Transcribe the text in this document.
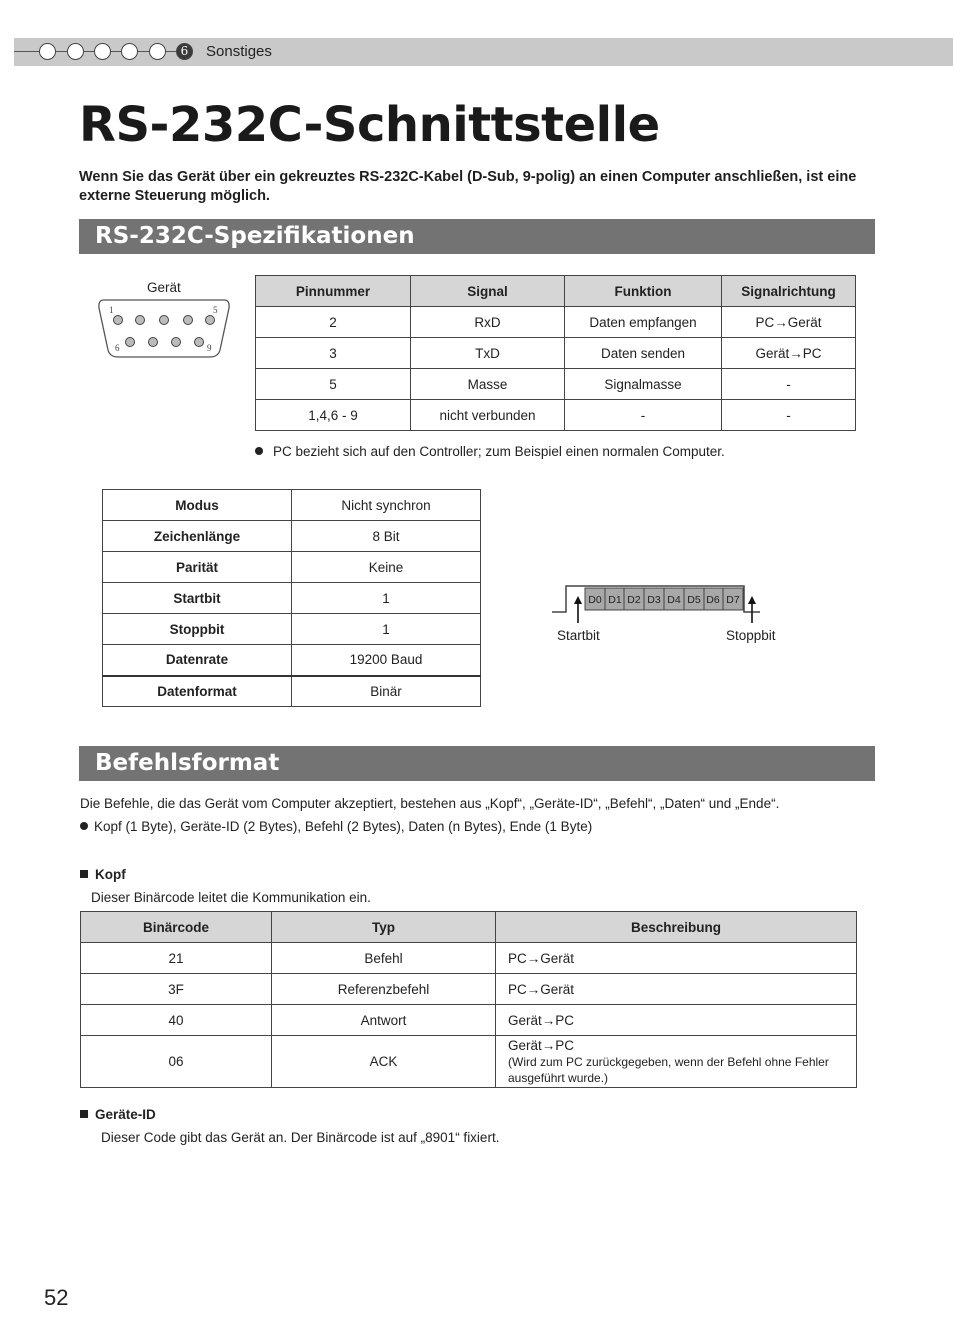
6	Sonstiges
RS-232C-Schnittstelle
Wenn Sie das Gerät über ein gekreuztes RS-232C-Kabel (D-Sub, 9-polig) an einen Computer anschließen, ist eine externe Steuerung möglich.
RS-232C-Spezifikationen
Gerät
1	5
6	9
Pinnummer	Signal	Funktion	Signalrichtung
2	RxD	Daten empfangen	PC→Gerät
3	TxD	Daten senden	Gerät→PC
5	Masse	Signalmasse	-
1,4,6 - 9	nicht verbunden	-	-
PC bezieht sich auf den Controller; zum Beispiel einen normalen Computer.
Modus	Nicht synchron
Zeichenlänge	8 Bit
Parität	Keine
Startbit	1
Stoppbit	1
Datenrate	19200 Baud
Datenformat	Binär
D0 D1 D2 D3 D4 D5 D6 D7
Startbit	Stoppbit
Befehlsformat
Die Befehle, die das Gerät vom Computer akzeptiert, bestehen aus „Kopf“, „Geräte-ID“, „Befehl“, „Daten“ und „Ende“.
Kopf (1 Byte), Geräte-ID (2 Bytes), Befehl (2 Bytes), Daten (n Bytes), Ende (1 Byte)
Kopf
Dieser Binärcode leitet die Kommunikation ein.
Binärcode	Typ	Beschreibung
21	Befehl	PC→Gerät
3F	Referenzbefehl	PC→Gerät
40	Antwort	Gerät→PC
06	ACK	Gerät→PC
(Wird zum PC zurückgegeben, wenn der Befehl ohne Fehler ausgeführt wurde.)
Geräte-ID
Dieser Code gibt das Gerät an. Der Binärcode ist auf „8901“ fixiert.
52
